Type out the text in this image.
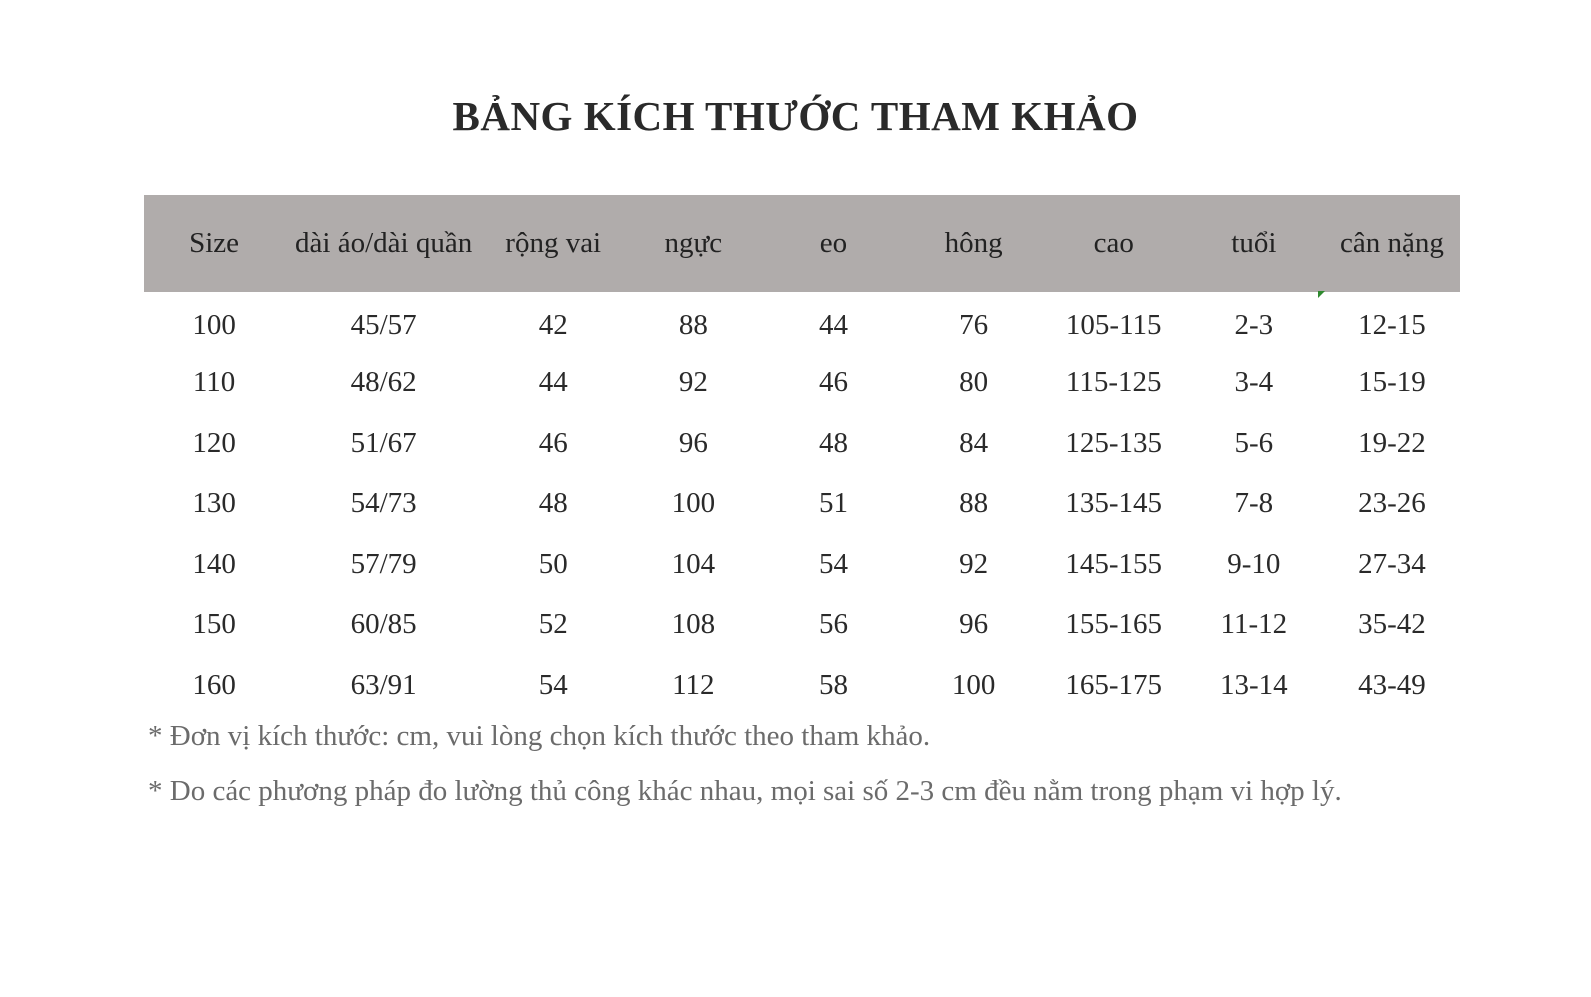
BẢNG KÍCH THƯỚC THAM KHẢO
Size	dài áo/dài quần	rộng vai	ngực	eo	hông	cao	tuổi	cân nặng
100	45/57	42	88	44	76	105-115	2-3	12-15
110	48/62	44	92	46	80	115-125	3-4	15-19
120	51/67	46	96	48	84	125-135	5-6	19-22
130	54/73	48	100	51	88	135-145	7-8	23-26
140	57/79	50	104	54	92	145-155	9-10	27-34
150	60/85	52	108	56	96	155-165	11-12	35-42
160	63/91	54	112	58	100	165-175	13-14	43-49

* Đơn vị kích thước: cm, vui lòng chọn kích thước theo tham khảo.

* Do các phương pháp đo lường thủ công khác nhau, mọi sai số 2-3 cm đều nằm trong phạm vi hợp lý.
